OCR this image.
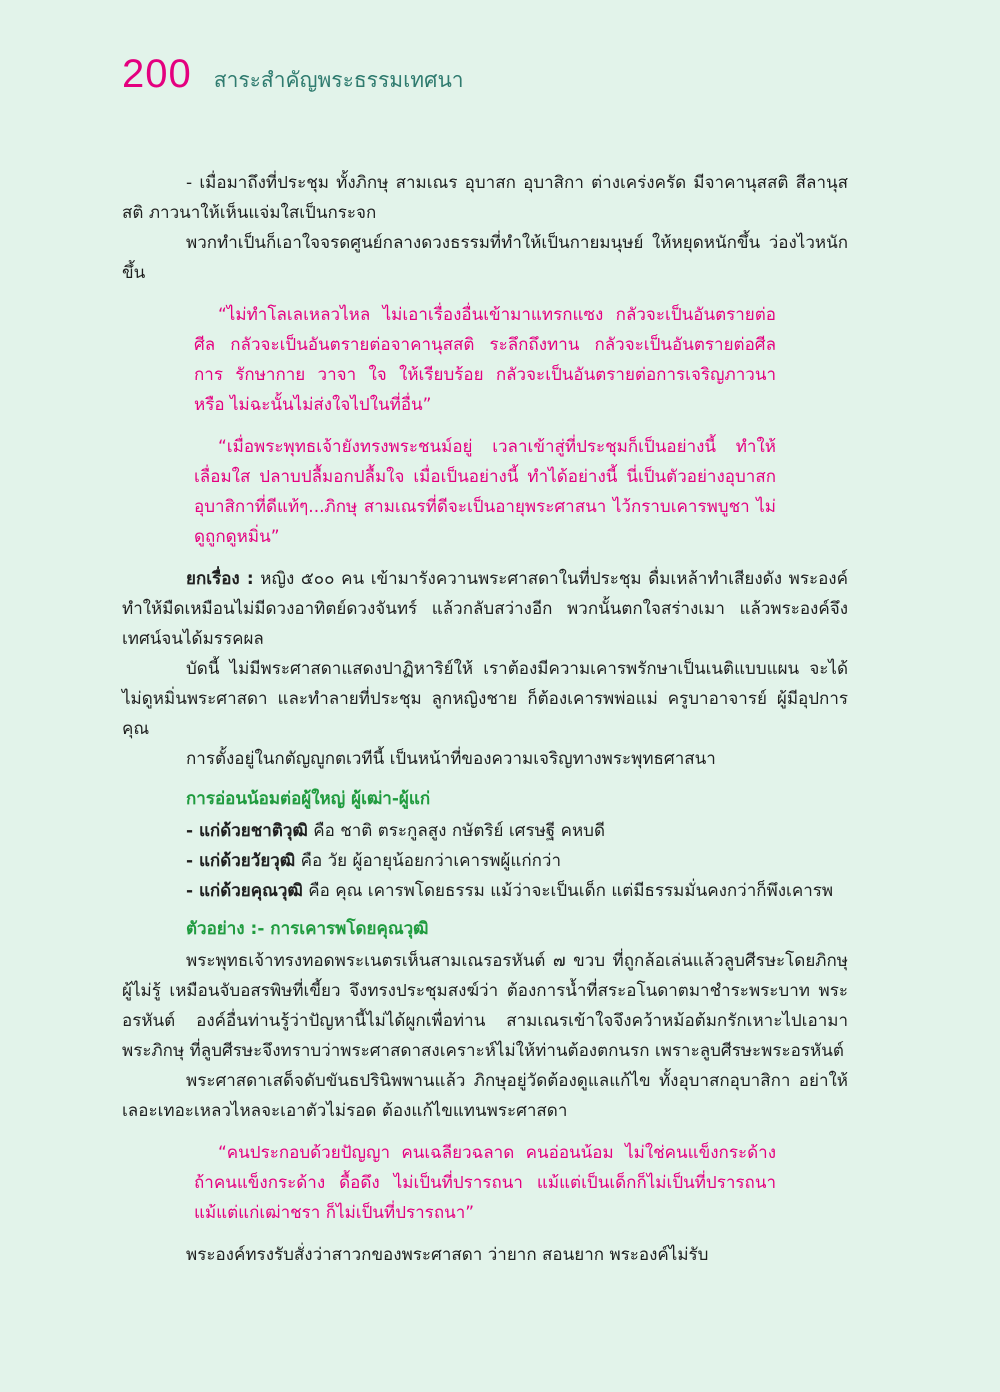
200 สาระสำคัญพระธรรมเทศนา

- เมื่อมาถึงที่ประชุม ทั้งภิกษุ สามเณร อุบาสก อุบาสิกา ต่างเคร่งครัด มีจาคานุสสติ สีลานุสสติ ภาวนาให้เห็นแจ่มใสเป็นกระจก

พวกทำเป็นก็เอาใจจรดศูนย์กลางดวงธรรมที่ทำให้เป็นกายมนุษย์ ให้หยุดหนักขึ้น ว่องไวหนักขึ้น

“ไม่ทำโลเลเหลวไหล ไม่เอาเรื่องอื่นเข้ามาแทรกแซง กลัวจะเป็นอันตรายต่อศีล กลัวจะเป็นอันตรายต่อจาคานุสสติ ระลึกถึงทาน กลัวจะเป็นอันตรายต่อศีลการ รักษากาย วาจา ใจ ให้เรียบร้อย กลัวจะเป็นอันตรายต่อการเจริญภาวนา หรือ ไม่ฉะนั้นไม่ส่งใจไปในที่อื่น”

“เมื่อพระพุทธเจ้ายังทรงพระชนม์อยู่ เวลาเข้าสู่ที่ประชุมก็เป็นอย่างนี้ ทำให้เลื่อมใส ปลาบปลื้มอกปลื้มใจ เมื่อเป็นอย่างนี้ ทำได้อย่างนี้ นี่เป็นตัวอย่างอุบาสก อุบาสิกาที่ดีแท้ๆ...ภิกษุ สามเณรที่ดีจะเป็นอายุพระศาสนา ไว้กราบเคารพบูชา ไม่ดูถูกดูหมิ่น”

ยกเรื่อง : หญิง ๕๐๐ คน เข้ามารังควานพระศาสดาในที่ประชุม ดื่มเหล้าทำเสียงดัง พระองค์ทำให้มืดเหมือนไม่มีดวงอาทิตย์ดวงจันทร์ แล้วกลับสว่างอีก พวกนั้นตกใจสร่างเมา แล้วพระองค์จึงเทศน์จนได้มรรคผล

บัดนี้ ไม่มีพระศาสดาแสดงปาฏิหาริย์ให้ เราต้องมีความเคารพรักษาเป็นเนติแบบแผน จะได้ไม่ดูหมิ่นพระศาสดา และทำลายที่ประชุม ลูกหญิงชาย ก็ต้องเคารพพ่อแม่ ครูบาอาจารย์ ผู้มีอุปการคุณ

การตั้งอยู่ในกตัญญูกตเวทีนี้ เป็นหน้าที่ของความเจริญทางพระพุทธศาสนา

การอ่อนน้อมต่อผู้ใหญ่ ผู้เฒ่า-ผู้แก่

- แก่ด้วยชาติวุฒิ คือ ชาติ ตระกูลสูง กษัตริย์ เศรษฐี คหบดี

- แก่ด้วยวัยวุฒิ คือ วัย ผู้อายุน้อยกว่าเคารพผู้แก่กว่า

- แก่ด้วยคุณวุฒิ คือ คุณ เคารพโดยธรรม แม้ว่าจะเป็นเด็ก แต่มีธรรมมั่นคงกว่าก็พึงเคารพ

ตัวอย่าง :- การเคารพโดยคุณวุฒิ

พระพุทธเจ้าทรงทอดพระเนตรเห็นสามเณรอรหันต์ ๗ ขวบ ที่ถูกล้อเล่นแล้วลูบศีรษะโดยภิกษุผู้ไม่รู้ เหมือนจับอสรพิษที่เขี้ยว จึงทรงประชุมสงฆ์ว่า ต้องการน้ำที่สระอโนดาตมาชำระพระบาท พระอรหันต์ องค์อื่นท่านรู้ว่าปัญหานี้ไม่ได้ผูกเพื่อท่าน สามเณรเข้าใจจึงคว้าหม้อต้มกรักเหาะไปเอามา พระภิกษุ ที่ลูบศีรษะจึงทราบว่าพระศาสดาสงเคราะห์ไม่ให้ท่านต้องตกนรก เพราะลูบศีรษะพระอรหันต์

พระศาสดาเสด็จดับขันธปรินิพพานแล้ว ภิกษุอยู่วัดต้องดูแลแก้ไข ทั้งอุบาสกอุบาสิกา อย่าให้ เลอะเทอะเหลวไหลจะเอาตัวไม่รอด ต้องแก้ไขแทนพระศาสดา

“คนประกอบด้วยปัญญา คนเฉลียวฉลาด คนอ่อนน้อม ไม่ใช่คนแข็งกระด้าง ถ้าคนแข็งกระด้าง ดื้อดึง ไม่เป็นที่ปรารถนา แม้แต่เป็นเด็กก็ไม่เป็นที่ปรารถนา แม้แต่แก่เฒ่าชรา ก็ไม่เป็นที่ปรารถนา”

พระองค์ทรงรับสั่งว่าสาวกของพระศาสดา ว่ายาก สอนยาก พระองค์ไม่รับ
